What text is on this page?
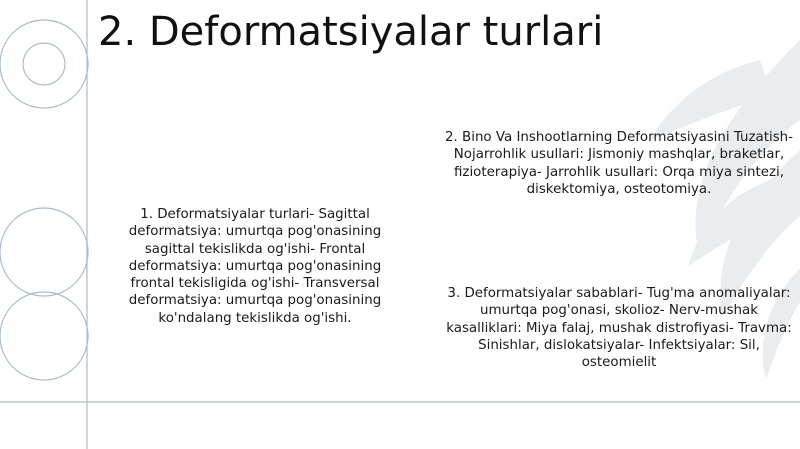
2. Deformatsiyalar turlari

1. Deformatsiyalar turlari- Sagittal deformatsiya: umurtqa pog'onasining sagittal tekislikda og'ishi- Frontal deformatsiya: umurtqa pog'onasining frontal tekisligida og'ishi- Transversal deformatsiya: umurtqa pog'onasining ko'ndalang tekislikda og'ishi.

2. Bino Va Inshootlarning Deformatsiyasini Tuzatish- Nojarrohlik usullari: Jismoniy mashqlar, braketlar, fizioterapiya- Jarrohlik usullari: Orqa miya sintezi, diskektomiya, osteotomiya.

3. Deformatsiyalar sabablari- Tug'ma anomaliyalar: umurtqa pog'onasi, skolioz- Nerv-mushak kasalliklari: Miya falaj, mushak distrofiyasi- Travma: Sinishlar, dislokatsiyalar- Infektsiyalar: Sil, osteomielit
